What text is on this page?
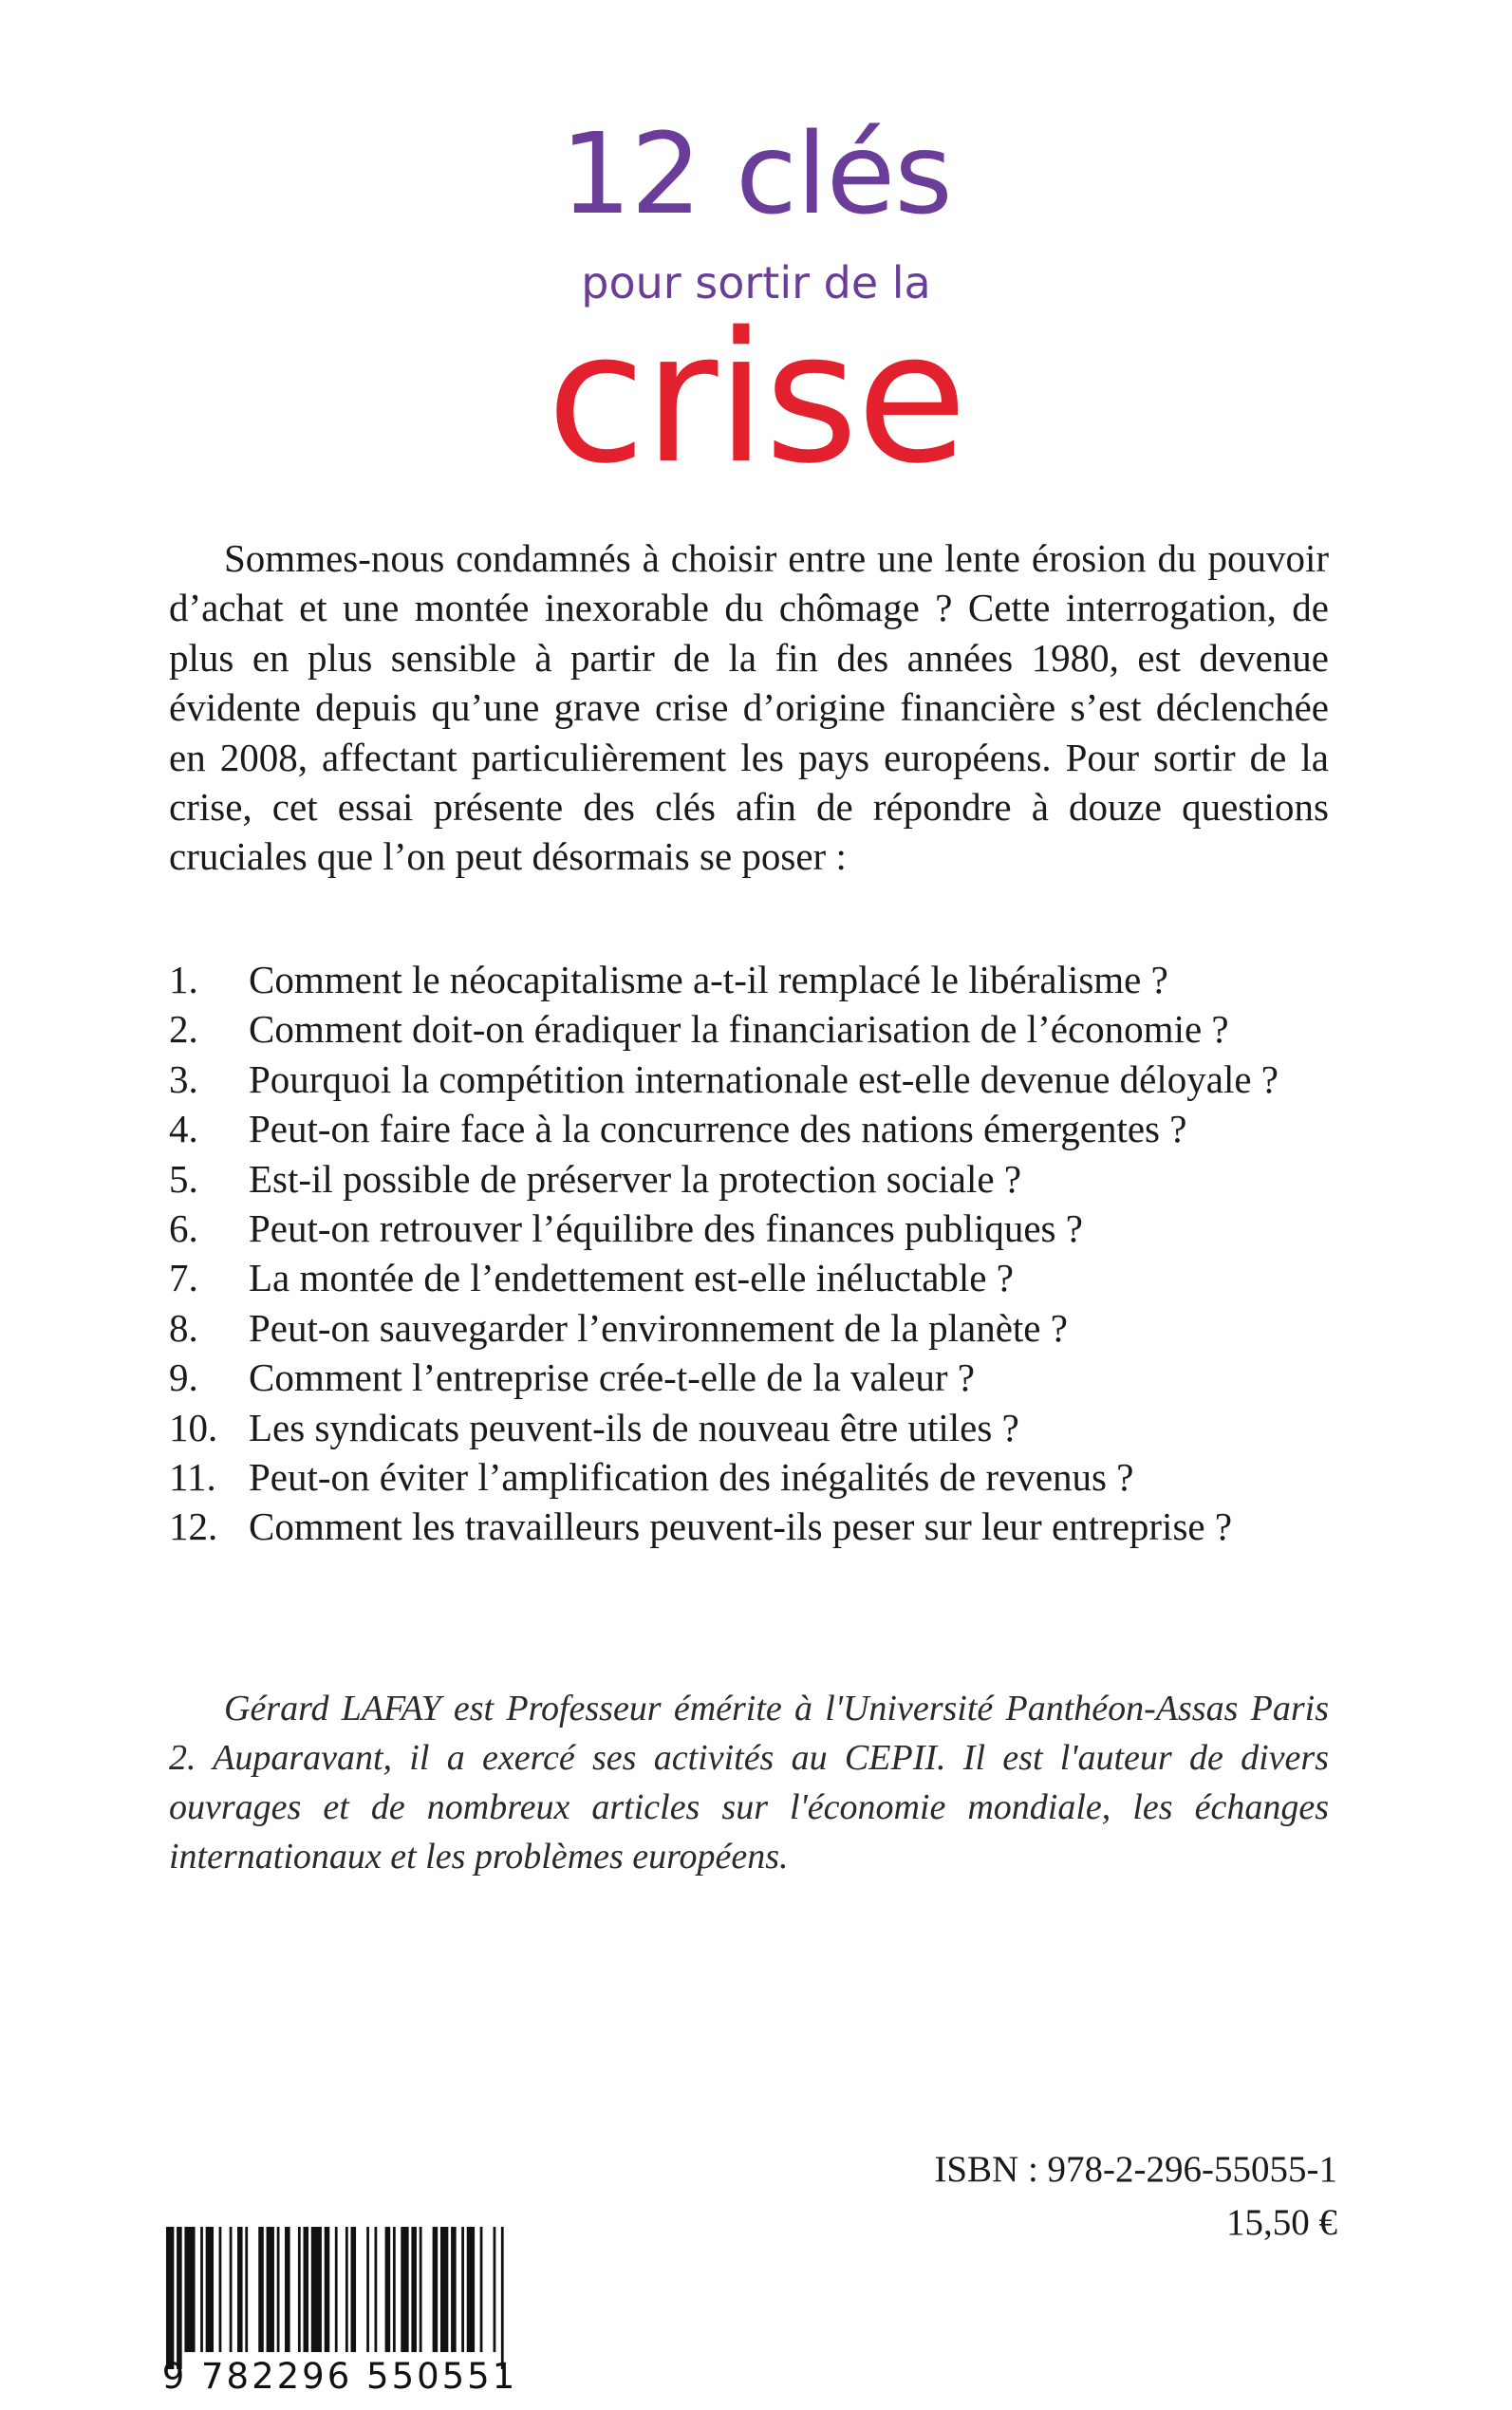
12 clés
pour sortir de la
crise

Sommes-nous condamnés à choisir entre une lente érosion du pouvoir d’achat et une montée inexorable du chômage ? Cette interrogation, de plus en plus sensible à partir de la fin des années 1980, est devenue évidente depuis qu’une grave crise d’origine financière s’est déclenchée en 2008, affectant particulièrement les pays européens. Pour sortir de la crise, cet essai présente des clés afin de répondre à douze questions cruciales que l’on peut désormais se poser :

1.	Comment le néocapitalisme a-t-il remplacé le libéralisme ?
2.	Comment doit-on éradiquer la financiarisation de l’économie ?
3.	Pourquoi la compétition internationale est-elle devenue déloyale ?
4.	Peut-on faire face à la concurrence des nations émergentes ?
5.	Est-il possible de préserver la protection sociale ?
6.	Peut-on retrouver l’équilibre des finances publiques ?
7.	La montée de l’endettement est-elle inéluctable ?
8.	Peut-on sauvegarder l’environnement de la planète ?
9.	Comment l’entreprise crée-t-elle de la valeur ?
10. Les syndicats peuvent-ils de nouveau être utiles ?
11. Peut-on éviter l’amplification des inégalités de revenus ?
12. Comment les travailleurs peuvent-ils peser sur leur entreprise ?

Gérard LAFAY est Professeur émérite à l'Université Panthéon-Assas Paris 2. Auparavant, il a exercé ses activités au CEPII. Il est l'auteur de divers ouvrages et de nombreux articles sur l'économie mondiale, les échanges internationaux et les problèmes européens.

9 782296 550551
ISBN : 978-2-296-55055-1
15,50 €
